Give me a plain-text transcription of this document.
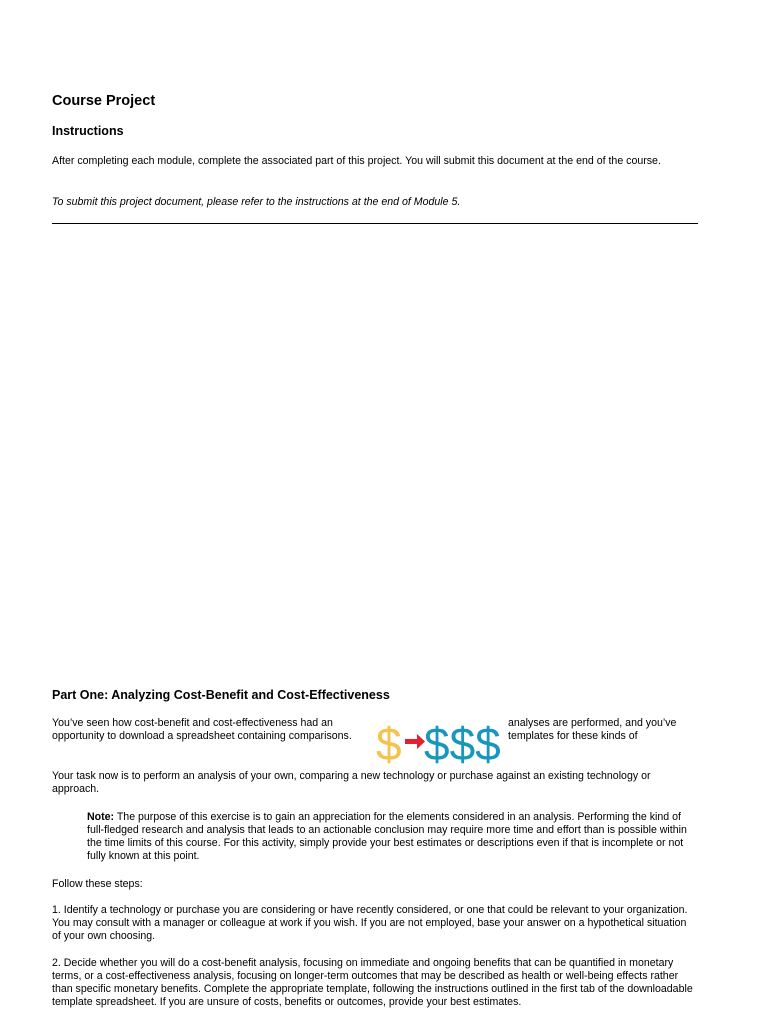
Course Project
Instructions

After completing each module, complete the associated part of this project. You will submit this document at the end of the course.

To submit this project document, please refer to the instructions at the end of Module 5.

Part One: Analyzing Cost-Benefit and Cost-Effectiveness

You’ve seen how cost-benefit and cost-effectiveness had an opportunity to download a spreadsheet containing comparisons. $ $$$ analyses are performed, and you’ve templates for these kinds of

Your task now is to perform an analysis of your own, comparing a new technology or purchase against an existing technology or approach.

Note: The purpose of this exercise is to gain an appreciation for the elements considered in an analysis. Performing the kind of full-fledged research and analysis that leads to an actionable conclusion may require more time and effort than is possible within the time limits of this course. For this activity, simply provide your best estimates or descriptions even if that is incomplete or not fully known at this point.

Follow these steps:

1. Identify a technology or purchase you are considering or have recently considered, or one that could be relevant to your organization. You may consult with a manager or colleague at work if you wish. If you are not employed, base your answer on a hypothetical situation of your own choosing.

2. Decide whether you will do a cost-benefit analysis, focusing on immediate and ongoing benefits that can be quantified in monetary terms, or a cost-effectiveness analysis, focusing on longer-term outcomes that may be described as health or well-being effects rather than specific monetary benefits. Complete the appropriate template, following the instructions outlined in the first tab of the downloadable template spreadsheet. If you are unsure of costs, benefits or outcomes, provide your best estimates.
